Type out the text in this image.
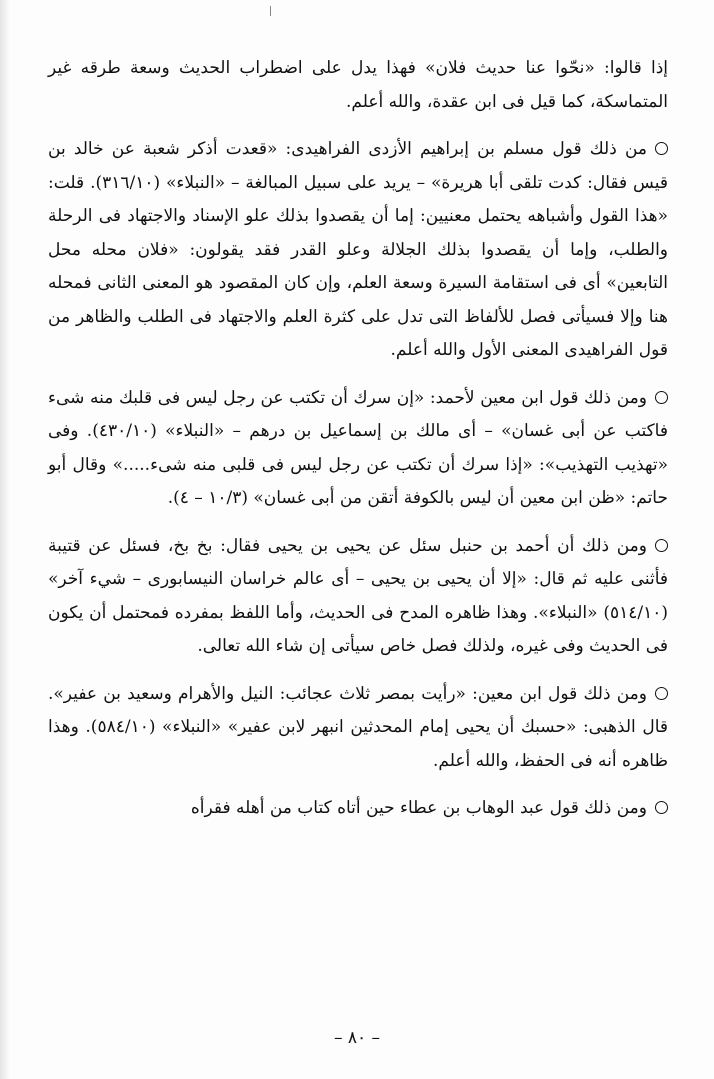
إذا قالوا: «نحّوا عنا حديث فلان» فهذا يدل على اضطراب الحديث وسعة طرقه غير المتماسكة، كما قيل فى ابن عقدة، والله أعلم.

من ذلك قول مسلم بن إبراهيم الأزدى الفراهيدى: «قعدت أذكر شعبة عن خالد بن قيس فقال: كدت تلقى أبا هريرة» – يريد على سبيل المبالغة – «النبلاء» (٣١٦/١٠). قلت: «هذا القول وأشباهه يحتمل معنيين: إما أن يقصدوا بذلك علو الإسناد والاجتهاد فى الرحلة والطلب، وإما أن يقصدوا بذلك الجلالة وعلو القدر فقد يقولون: «فلان محله محل التابعين» أى فى استقامة السيرة وسعة العلم، وإن كان المقصود هو المعنى الثانى فمحله هنا وإلا فسيأتى فصل للألفاظ التى تدل على كثرة العلم والاجتهاد فى الطلب والظاهر من قول الفراهيدى المعنى الأول والله أعلم.

ومن ذلك قول ابن معين لأحمد: «إن سرك أن تكتب عن رجل ليس فى قلبك منه شىء فاكتب عن أبى غسان» – أى مالك بن إسماعيل بن درهم – «النبلاء» (٤٣٠/١٠). وفى «تهذيب التهذيب»: «إذا سرك أن تكتب عن رجل ليس فى قلبى منه شىء.....» وقال أبو حاتم: «ظن ابن معين أن ليس بالكوفة أتقن من أبى غسان» (١٠/٣ – ٤).

ومن ذلك أن أحمد بن حنبل سئل عن يحيى بن يحيى فقال: بخ بخ، فسئل عن قتيبة فأثنى عليه ثم قال: «إلا أن يحيى بن يحيى – أى عالم خراسان النيسابورى – شيء آخر» (٥١٤/١٠) «النبلاء». وهذا ظاهره المدح فى الحديث، وأما اللفظ بمفرده فمحتمل أن يكون فى الحديث وفى غيره، ولذلك فصل خاص سيأتى إن شاء الله تعالى.

ومن ذلك قول ابن معين: «رأيت بمصر ثلاث عجائب: النيل والأهرام وسعيد بن عفير». قال الذهبى: «حسبك أن يحيى إمام المحدثين انبهر لابن عفير» «النبلاء» (٥٨٤/١٠). وهذا ظاهره أنه فى الحفظ، والله أعلم.

ومن ذلك قول عبد الوهاب بن عطاء حين أتاه كتاب من أهله فقرأه

– ٨٠ –
